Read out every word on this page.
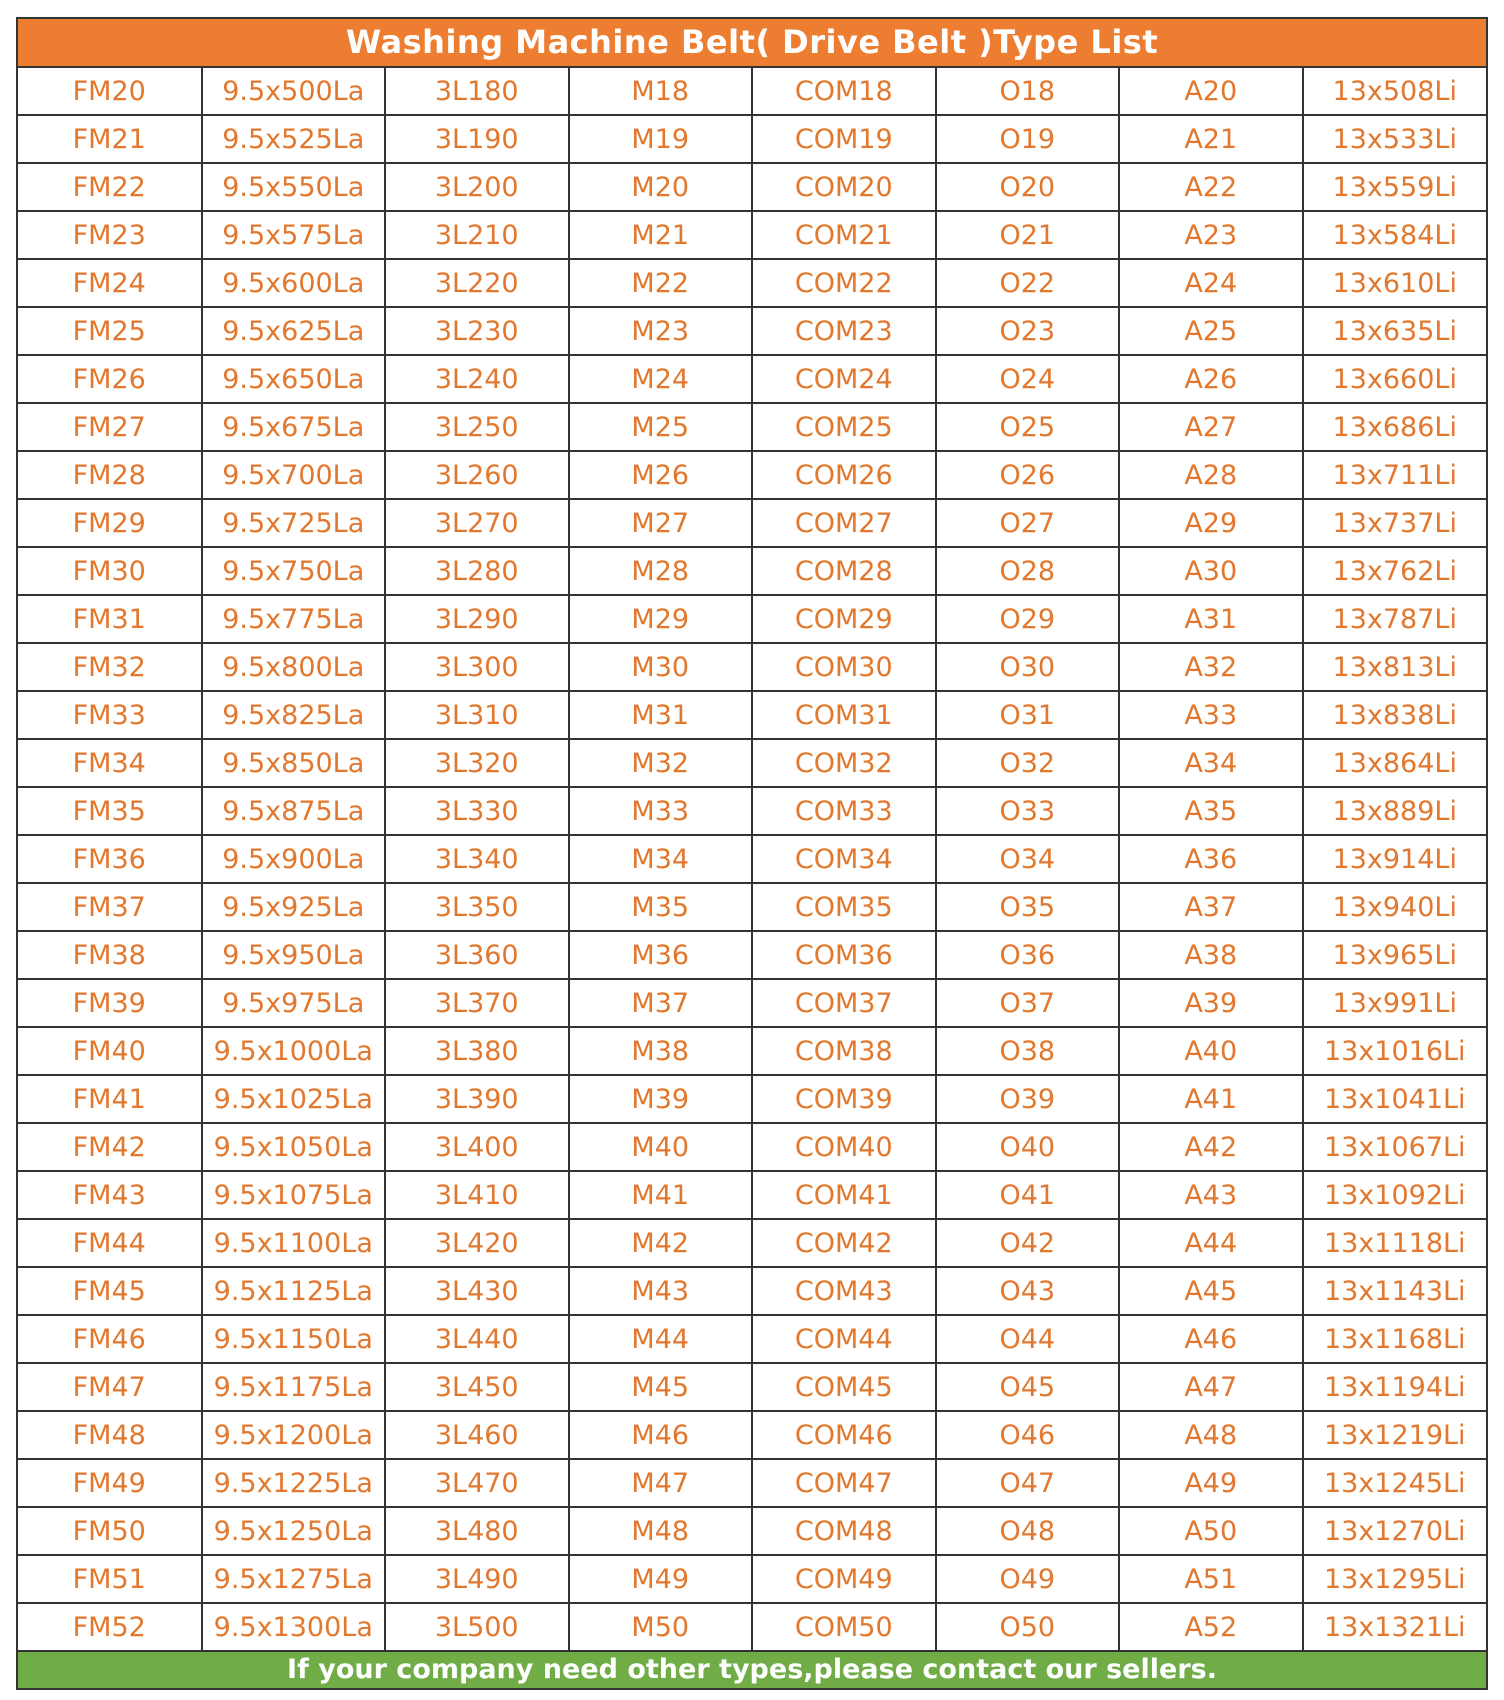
Washing Machine Belt( Drive Belt )Type List
FM20	9.5x500La	3L180	M18	COM18	O18	A20	13x508Li
FM21	9.5x525La	3L190	M19	COM19	O19	A21	13x533Li
FM22	9.5x550La	3L200	M20	COM20	O20	A22	13x559Li
FM23	9.5x575La	3L210	M21	COM21	O21	A23	13x584Li
FM24	9.5x600La	3L220	M22	COM22	O22	A24	13x610Li
FM25	9.5x625La	3L230	M23	COM23	O23	A25	13x635Li
FM26	9.5x650La	3L240	M24	COM24	O24	A26	13x660Li
FM27	9.5x675La	3L250	M25	COM25	O25	A27	13x686Li
FM28	9.5x700La	3L260	M26	COM26	O26	A28	13x711Li
FM29	9.5x725La	3L270	M27	COM27	O27	A29	13x737Li
FM30	9.5x750La	3L280	M28	COM28	O28	A30	13x762Li
FM31	9.5x775La	3L290	M29	COM29	O29	A31	13x787Li
FM32	9.5x800La	3L300	M30	COM30	O30	A32	13x813Li
FM33	9.5x825La	3L310	M31	COM31	O31	A33	13x838Li
FM34	9.5x850La	3L320	M32	COM32	O32	A34	13x864Li
FM35	9.5x875La	3L330	M33	COM33	O33	A35	13x889Li
FM36	9.5x900La	3L340	M34	COM34	O34	A36	13x914Li
FM37	9.5x925La	3L350	M35	COM35	O35	A37	13x940Li
FM38	9.5x950La	3L360	M36	COM36	O36	A38	13x965Li
FM39	9.5x975La	3L370	M37	COM37	O37	A39	13x991Li
FM40	9.5x1000La	3L380	M38	COM38	O38	A40	13x1016Li
FM41	9.5x1025La	3L390	M39	COM39	O39	A41	13x1041Li
FM42	9.5x1050La	3L400	M40	COM40	O40	A42	13x1067Li
FM43	9.5x1075La	3L410	M41	COM41	O41	A43	13x1092Li
FM44	9.5x1100La	3L420	M42	COM42	O42	A44	13x1118Li
FM45	9.5x1125La	3L430	M43	COM43	O43	A45	13x1143Li
FM46	9.5x1150La	3L440	M44	COM44	O44	A46	13x1168Li
FM47	9.5x1175La	3L450	M45	COM45	O45	A47	13x1194Li
FM48	9.5x1200La	3L460	M46	COM46	O46	A48	13x1219Li
FM49	9.5x1225La	3L470	M47	COM47	O47	A49	13x1245Li
FM50	9.5x1250La	3L480	M48	COM48	O48	A50	13x1270Li
FM51	9.5x1275La	3L490	M49	COM49	O49	A51	13x1295Li
FM52	9.5x1300La	3L500	M50	COM50	O50	A52	13x1321Li
If your company need other types,please contact our sellers.
